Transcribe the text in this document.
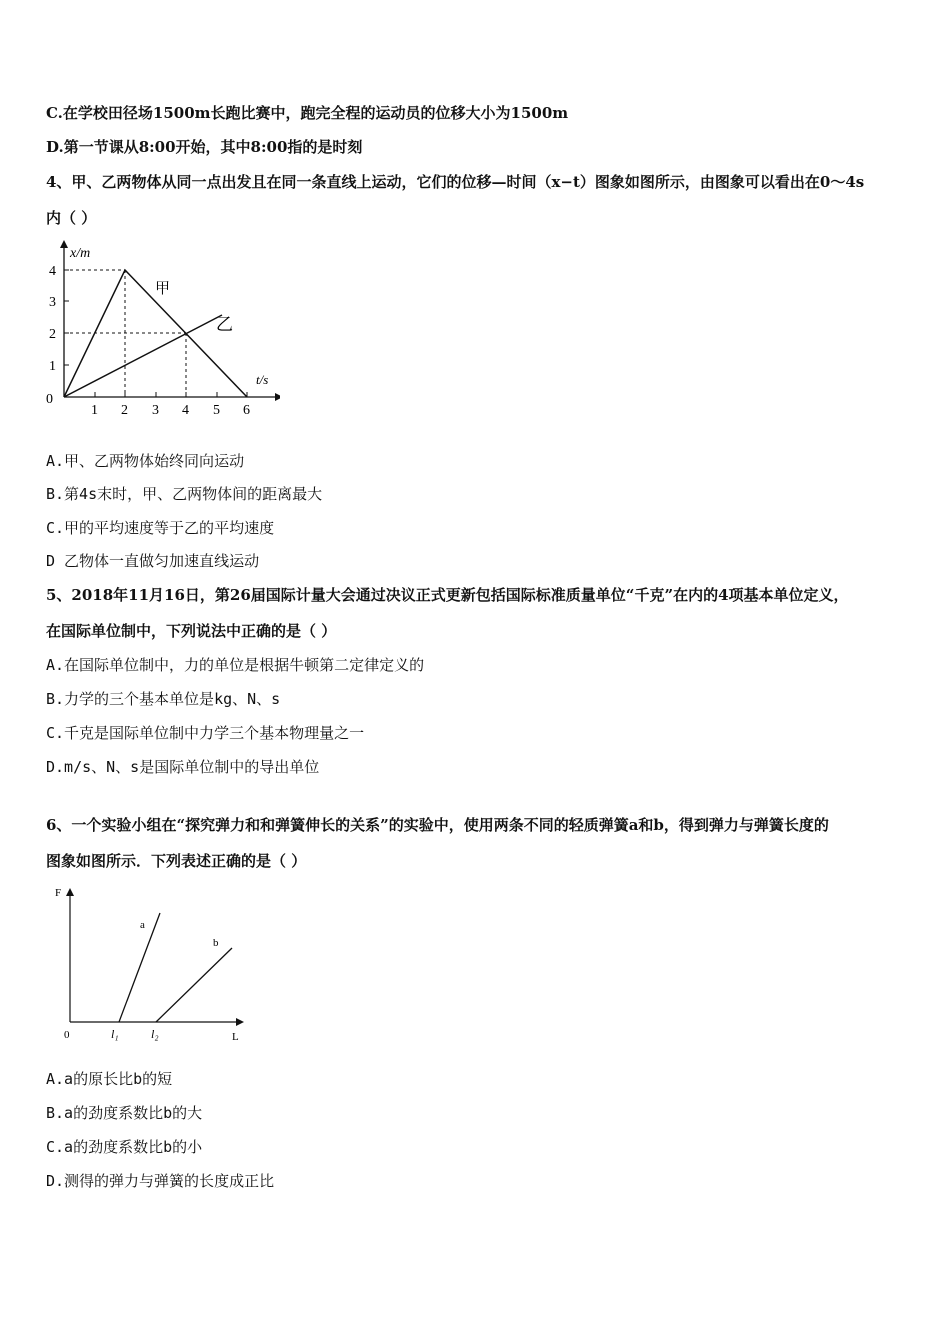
C.在学校田径场1500m长跑比赛中，跑完全程的运动员的位移大小为1500m
D.第一节课从8:00开始，其中8:00指的是时刻
4、甲、乙两物体从同一点出发且在同一条直线上运动，它们的位移—时间（x−t）图象如图所示，由图象可以看出在0～4s
内（ ）
x/m
t/s
0
1 2 3 4 5 6
1
2
3
4
甲
乙
A.甲、乙两物体始终同向运动
B.第4s末时，甲、乙两物体间的距离最大
C.甲的平均速度等于乙的平均速度
D 乙物体一直做匀加速直线运动
5、2018年11月16日，第26届国际计量大会通过决议正式更新包括国际标准质量单位“千克”在内的4项基本单位定义，
在国际单位制中，下列说法中正确的是（ ）
A.在国际单位制中，力的单位是根据牛顿第二定律定义的
B.力学的三个基本单位是kg、N、s
C.千克是国际单位制中力学三个基本物理量之一
D.m/s、N、s是国际单位制中的导出单位
6、一个实验小组在“探究弹力和和弹簧伸长的关系”的实验中，使用两条不同的轻质弹簧a和b，得到弹力与弹簧长度的
图象如图所示．下列表述正确的是（ ）
F
L
0
a
b
l₁	l₂
A.a的原长比b的短
B.a的劲度系数比b的大
C.a的劲度系数比b的小
D.测得的弹力与弹簧的长度成正比
